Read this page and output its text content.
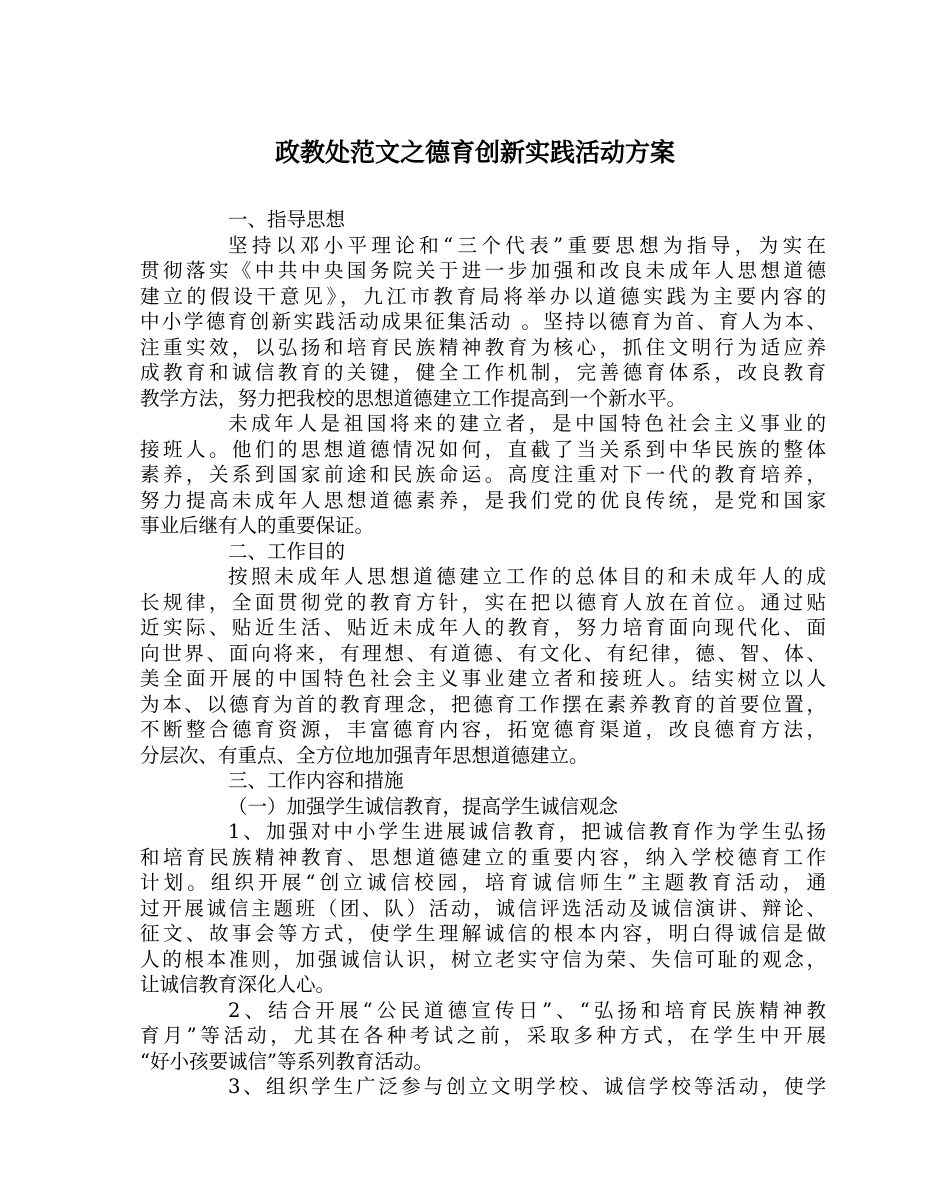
政教处范文之德育创新实践活动方案

一、指导思想

坚持以邓小平理论和“三个代表”重要思想为指导，为实在

贯彻落实《中共中央国务院关于进一步加强和改良未成年人思想道德

建立的假设干意见》，九江市教育局将举办以道德实践为主要内容的

中小学德育创新实践活动成果征集活动 。坚持以德育为首、育人为本、

注重实效，以弘扬和培育民族精神教育为核心，抓住文明行为适应养

成教育和诚信教育的关键，健全工作机制，完善德育体系，改良教育

教学方法，努力把我校的思想道德建立工作提高到一个新水平。

未成年人是祖国将来的建立者，是中国特色社会主义事业的

接班人。他们的思想道德情况如何，直截了当关系到中华民族的整体

素养，关系到国家前途和民族命运。高度注重对下一代的教育培养，

努力提高未成年人思想道德素养，是我们党的优良传统，是党和国家

事业后继有人的重要保证。

二、工作目的

按照未成年人思想道德建立工作的总体目的和未成年人的成

长规律，全面贯彻党的教育方针，实在把以德育人放在首位。通过贴

近实际、贴近生活、贴近未成年人的教育，努力培育面向现代化、面

向世界、面向将来，有理想、有道德、有文化、有纪律，德、智、体、

美全面开展的中国特色社会主义事业建立者和接班人。结实树立以人

为本、以德育为首的教育理念，把德育工作摆在素养教育的首要位置，

不断整合德育资源，丰富德育内容，拓宽德育渠道，改良德育方法，

分层次、有重点、全方位地加强青年思想道德建立。

三、工作内容和措施

（一）加强学生诚信教育，提高学生诚信观念

1、加强对中小学生进展诚信教育，把诚信教育作为学生弘扬

和培育民族精神教育、思想道德建立的重要内容，纳入学校德育工作

计划。组织开展“创立诚信校园，培育诚信师生”主题教育活动，通

过开展诚信主题班（团、队）活动，诚信评选活动及诚信演讲、辩论、

征文、故事会等方式，使学生理解诚信的根本内容，明白得诚信是做

人的根本准则，加强诚信认识，树立老实守信为荣、失信可耻的观念，

让诚信教育深化人心。

2、结合开展“公民道德宣传日”、“弘扬和培育民族精神教

育月”等活动，尤其在各种考试之前，采取多种方式，在学生中开展

“好小孩要诚信”等系列教育活动。

3、组织学生广泛参与创立文明学校、诚信学校等活动，使学
